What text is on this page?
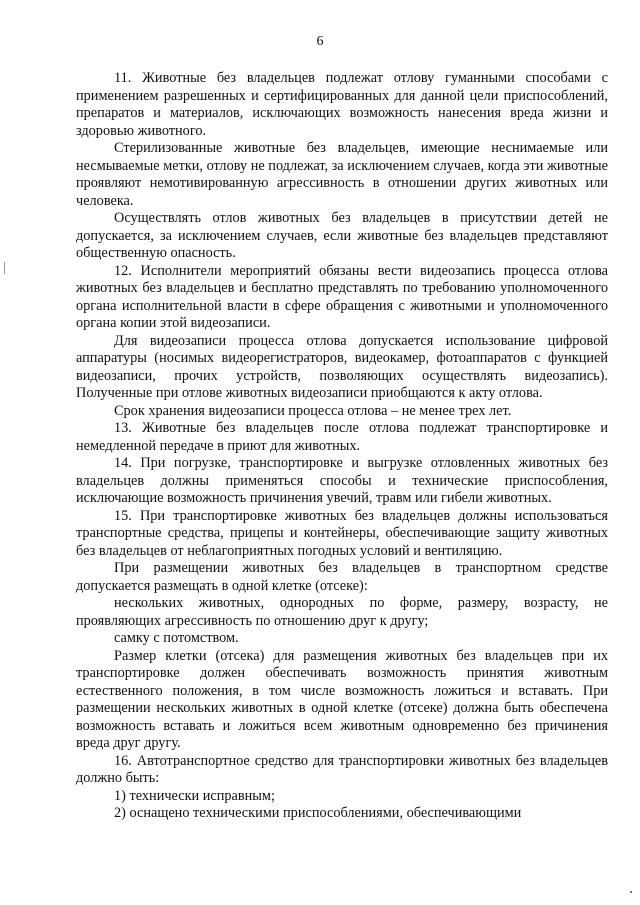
6

11. Животные без владельцев подлежат отлову гуманными способами с применением разрешенных и сертифицированных для данной цели приспособлений, препаратов и материалов, исключающих возможность нанесения вреда жизни и здоровью животного.

Стерилизованные животные без владельцев, имеющие неснимаемые или несмываемые метки, отлову не подлежат, за исключением случаев, когда эти животные проявляют немотивированную агрессивность в отношении других животных или человека.

Осуществлять отлов животных без владельцев в присутствии детей не допускается, за исключением случаев, если животные без владельцев представляют общественную опасность.

12. Исполнители мероприятий обязаны вести видеозапись процесса отлова животных без владельцев и бесплатно представлять по требованию уполномоченного органа исполнительной власти в сфере обращения с животными и уполномоченного органа копии этой видеозаписи.

Для видеозаписи процесса отлова допускается использование цифровой аппаратуры (носимых видеорегистраторов, видеокамер, фотоаппаратов с функцией видеозаписи, прочих устройств, позволяющих осуществлять видеозапись). Полученные при отлове животных видеозаписи приобщаются к акту отлова.

Срок хранения видеозаписи процесса отлова – не менее трех лет.

13. Животные без владельцев после отлова подлежат транспортировке и немедленной передаче в приют для животных.

14. При погрузке, транспортировке и выгрузке отловленных животных без владельцев должны применяться способы и технические приспособления, исключающие возможность причинения увечий, травм или гибели животных.

15. При транспортировке животных без владельцев должны использоваться транспортные средства, прицепы и контейнеры, обеспечивающие защиту животных без владельцев от неблагоприятных погодных условий и вентиляцию.

При размещении животных без владельцев в транспортном средстве допускается размещать в одной клетке (отсеке):

нескольких животных, однородных по форме, размеру, возрасту, не проявляющих агрессивность по отношению друг к другу;

самку с потомством.

Размер клетки (отсека) для размещения животных без владельцев при их транспортировке должен обеспечивать возможность принятия животным естественного положения, в том числе возможность ложиться и вставать. При размещении нескольких животных в одной клетке (отсеке) должна быть обеспечена возможность вставать и ложиться всем животным одновременно без причинения вреда друг другу.

16. Автотранспортное средство для транспортировки животных без владельцев должно быть:

1) технически исправным;

2) оснащено техническими приспособлениями, обеспечивающими
